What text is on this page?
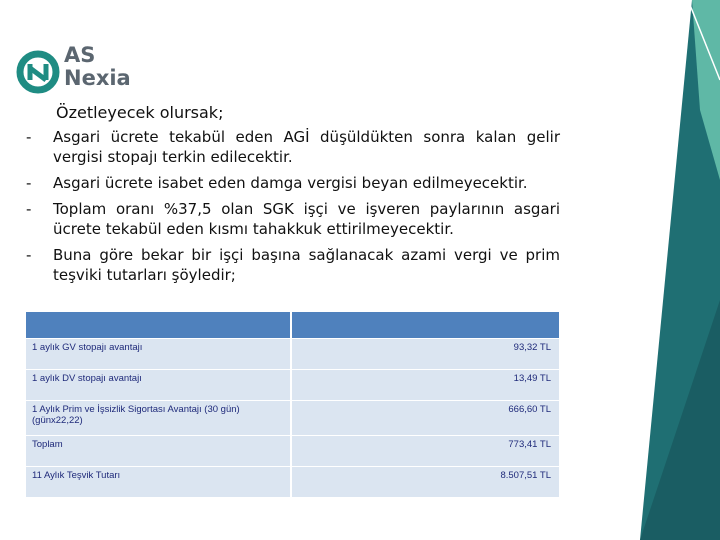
AS
Nexia
Özetleyecek olursak;
-	Asgari ücrete tekabül eden AGİ düşüldükten sonra kalan gelir vergisi stopajı terkin edilecektir.
-	Asgari ücrete isabet eden damga vergisi beyan edilmeyecektir.
-	Toplam oranı %37,5 olan SGK işçi ve işveren paylarının asgari ücrete tekabül eden kısmı tahakkuk ettirilmeyecektir.
-	Buna göre bekar bir işçi başına sağlanacak azami vergi ve prim teşviki tutarları şöyledir;

1 aylık GV stopajı avantajı	93,32 TL
1 aylık DV stopajı avantajı	13,49 TL
1 Aylık Prim ve İşsizlik Sigortası Avantajı (30 gün) (günx22,22)	666,60 TL
Toplam	773,41 TL
11 Aylık Teşvik Tutarı	8.507,51 TL
